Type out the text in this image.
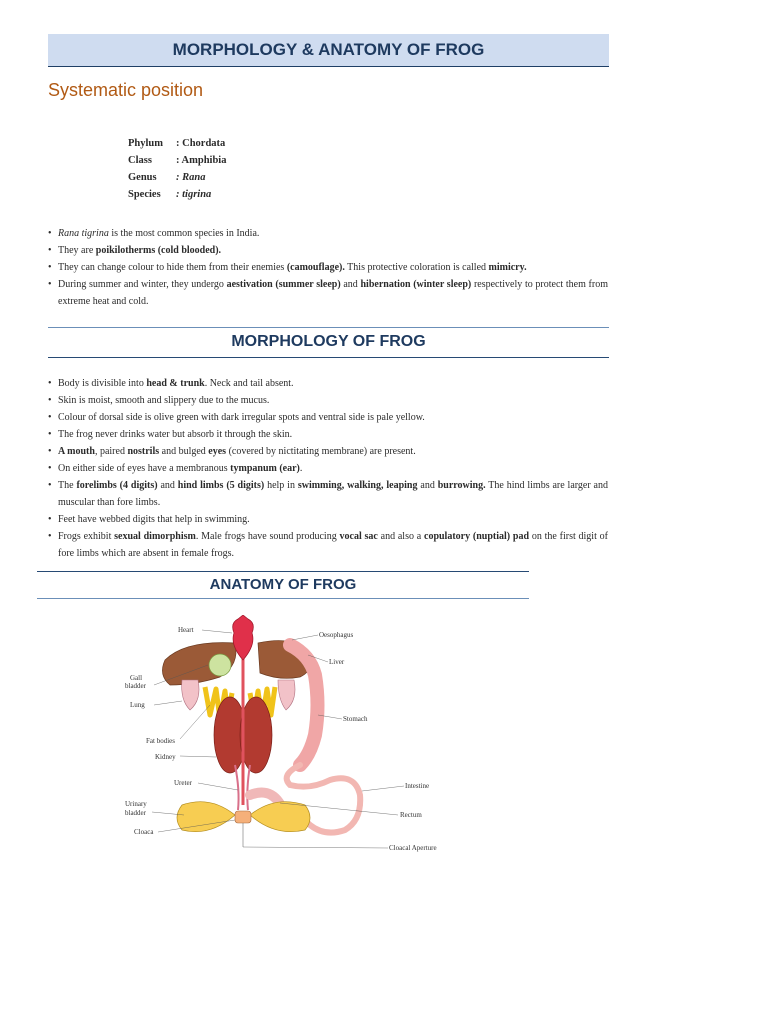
MORPHOLOGY & ANATOMY OF FROG
Systematic position
Phylum : Chordata
Class : Amphibia
Genus : Rana
Species : tigrina
• Rana tigrina is the most common species in India.
• They are poikilotherms (cold blooded).
• They can change colour to hide them from their enemies (camouflage). This protective coloration is called mimicry.
• During summer and winter, they undergo aestivation (summer sleep) and hibernation (winter sleep) respectively to protect them from extreme heat and cold.
MORPHOLOGY OF FROG
• Body is divisible into head & trunk. Neck and tail absent.
• Skin is moist, smooth and slippery due to the mucus.
• Colour of dorsal side is olive green with dark irregular spots and ventral side is pale yellow.
• The frog never drinks water but absorb it through the skin.
• A mouth, paired nostrils and bulged eyes (covered by nictitating membrane) are present.
• On either side of eyes have a membranous tympanum (ear).
• The forelimbs (4 digits) and hind limbs (5 digits) help in swimming, walking, leaping and burrowing. The hind limbs are larger and muscular than fore limbs.
• Feet have webbed digits that help in swimming.
• Frogs exhibit sexual dimorphism. Male frogs have sound producing vocal sac and also a copulatory (nuptial) pad on the first digit of fore limbs which are absent in female frogs.
ANATOMY OF FROG
Heart
Oesophagus
Liver
Gall
bladder
Lung
Stomach
Fat bodies
Kidney
Ureter	Intestine
Urinary
bladder	Rectum
Cloaca
Cloacal Aperture
